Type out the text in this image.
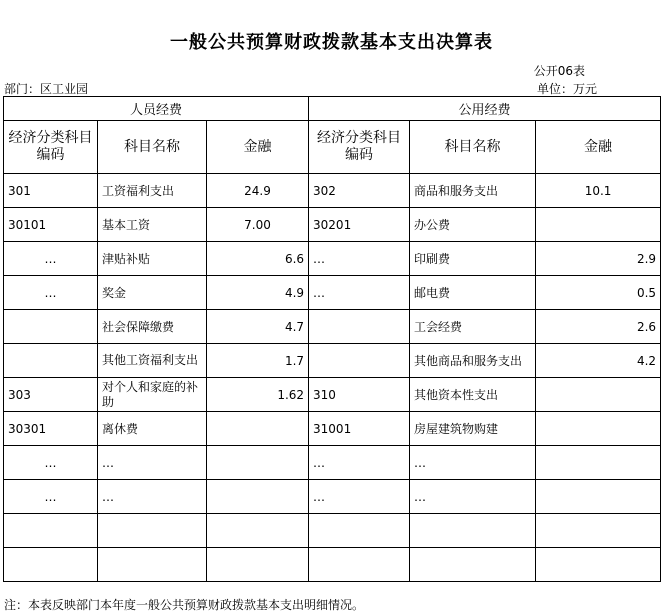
一般公共预算财政拨款基本支出决算表
公开06表
部门：区工业园	单位：万元
人员经费			公用经费		
经济分类科目编码	科目名称	金融	经济分类科目编码	科目名称	金融
301	工资福利支出	24.9	302	商品和服务支出	10.1
30101	基本工资	7.00	30201	办公费	
…	津贴补贴	6.6	…	印刷费	2.9
…	奖金	4.9	…	邮电费	0.5
	社会保障缴费	4.7		工会经费	2.6
	其他工资福利支出	1.7		其他商品和服务支出	4.2
303	对个人和家庭的补助	1.62	310	其他资本性支出	
30301	离休费		31001	房屋建筑物购建	
…	…		…	…	
…	…		…	…	

注：本表反映部门本年度一般公共预算财政拨款基本支出明细情况。
